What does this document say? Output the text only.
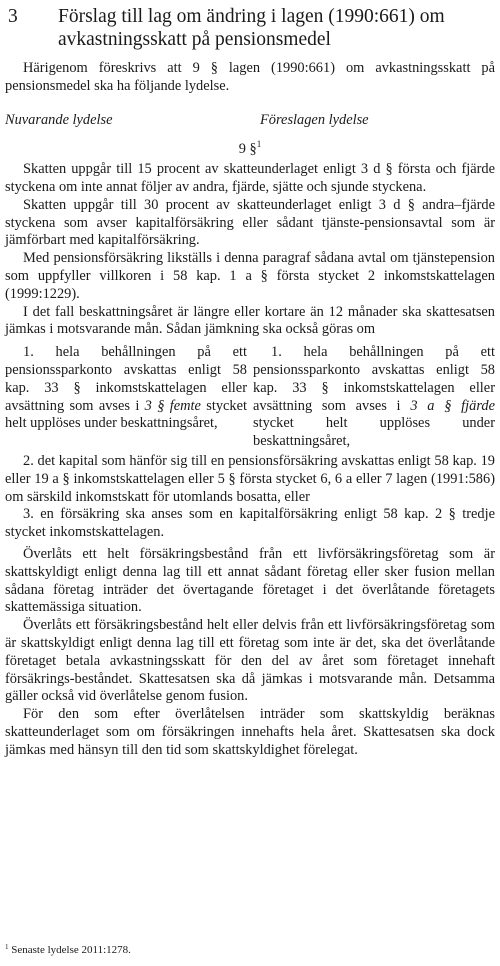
3 Förslag till lag om ändring i lagen (1990:661) om
avkastningsskatt på pensionsmedel

Härigenom föreskrivs att 9 § lagen (1990:661) om avkastningsskatt på pensionsmedel ska ha följande lydelse.

Nuvarande lydelse	Föreslagen lydelse
9 §$^1$

Skatten uppgår till 15 procent av skatteunderlaget enligt 3 d § första och fjärde styckena om inte annat följer av andra, fjärde, sjätte och sjunde styckena.

Skatten uppgår till 30 procent av skatteunderlaget enligt 3 d § andra–fjärde styckena som avser kapitalförsäkring eller sådant tjänste-pensionsavtal som är jämförbart med kapitalförsäkring.

Med pensionsförsäkring likställs i denna paragraf sådana avtal om tjänstepension som uppfyller villkoren i 58 kap. 1 a § första stycket 2 inkomstskattelagen (1999:1229).

I det fall beskattningsåret är längre eller kortare än 12 månader ska skattesatsen jämkas i motsvarande mån. Sådan jämkning ska också göras om

1. hela behållningen på ett pensionssparkonto avskattas enligt 58 kap. 33 § inkomstskattelagen eller avsättning som avses i 3 § femte stycket helt upplöses under beskattningsåret,
1. hela behållningen på ett pensionssparkonto avskattas enligt 58 kap. 33 § inkomstskattelagen eller avsättning som avses i 3 a § fjärde stycket helt upplöses under beskattningsåret,

2. det kapital som hänför sig till en pensionsförsäkring avskattas enligt 58 kap. 19 eller 19 a § inkomstskattelagen eller 5 § första stycket 6, 6 a eller 7 lagen (1991:586) om särskild inkomstskatt för utomlands bosatta, eller

3. en försäkring ska anses som en kapitalförsäkring enligt 58 kap. 2 § tredje stycket inkomstskattelagen.

Överlåts ett helt försäkringsbestånd från ett livförsäkringsföretag som är skattskyldigt enligt denna lag till ett annat sådant företag eller sker fusion mellan sådana företag inträder det övertagande företaget i det överlåtande företagets skattemässiga situation.

Överlåts ett försäkringsbestånd helt eller delvis från ett livförsäkringsföretag som är skattskyldigt enligt denna lag till ett företag som inte är det, ska det överlåtande företaget betala avkastningsskatt för den del av året som företaget innehaft försäkrings-beståndet. Skattesatsen ska då jämkas i motsvarande mån. Detsamma gäller också vid överlåtelse genom fusion.

För den som efter överlåtelsen inträder som skattskyldig beräknas skatteunderlaget som om försäkringen innehafts hela året. Skattesatsen ska dock jämkas med hänsyn till den tid som skattskyldighet förelegat.

$^1$ Senaste lydelse 2011:1278.
